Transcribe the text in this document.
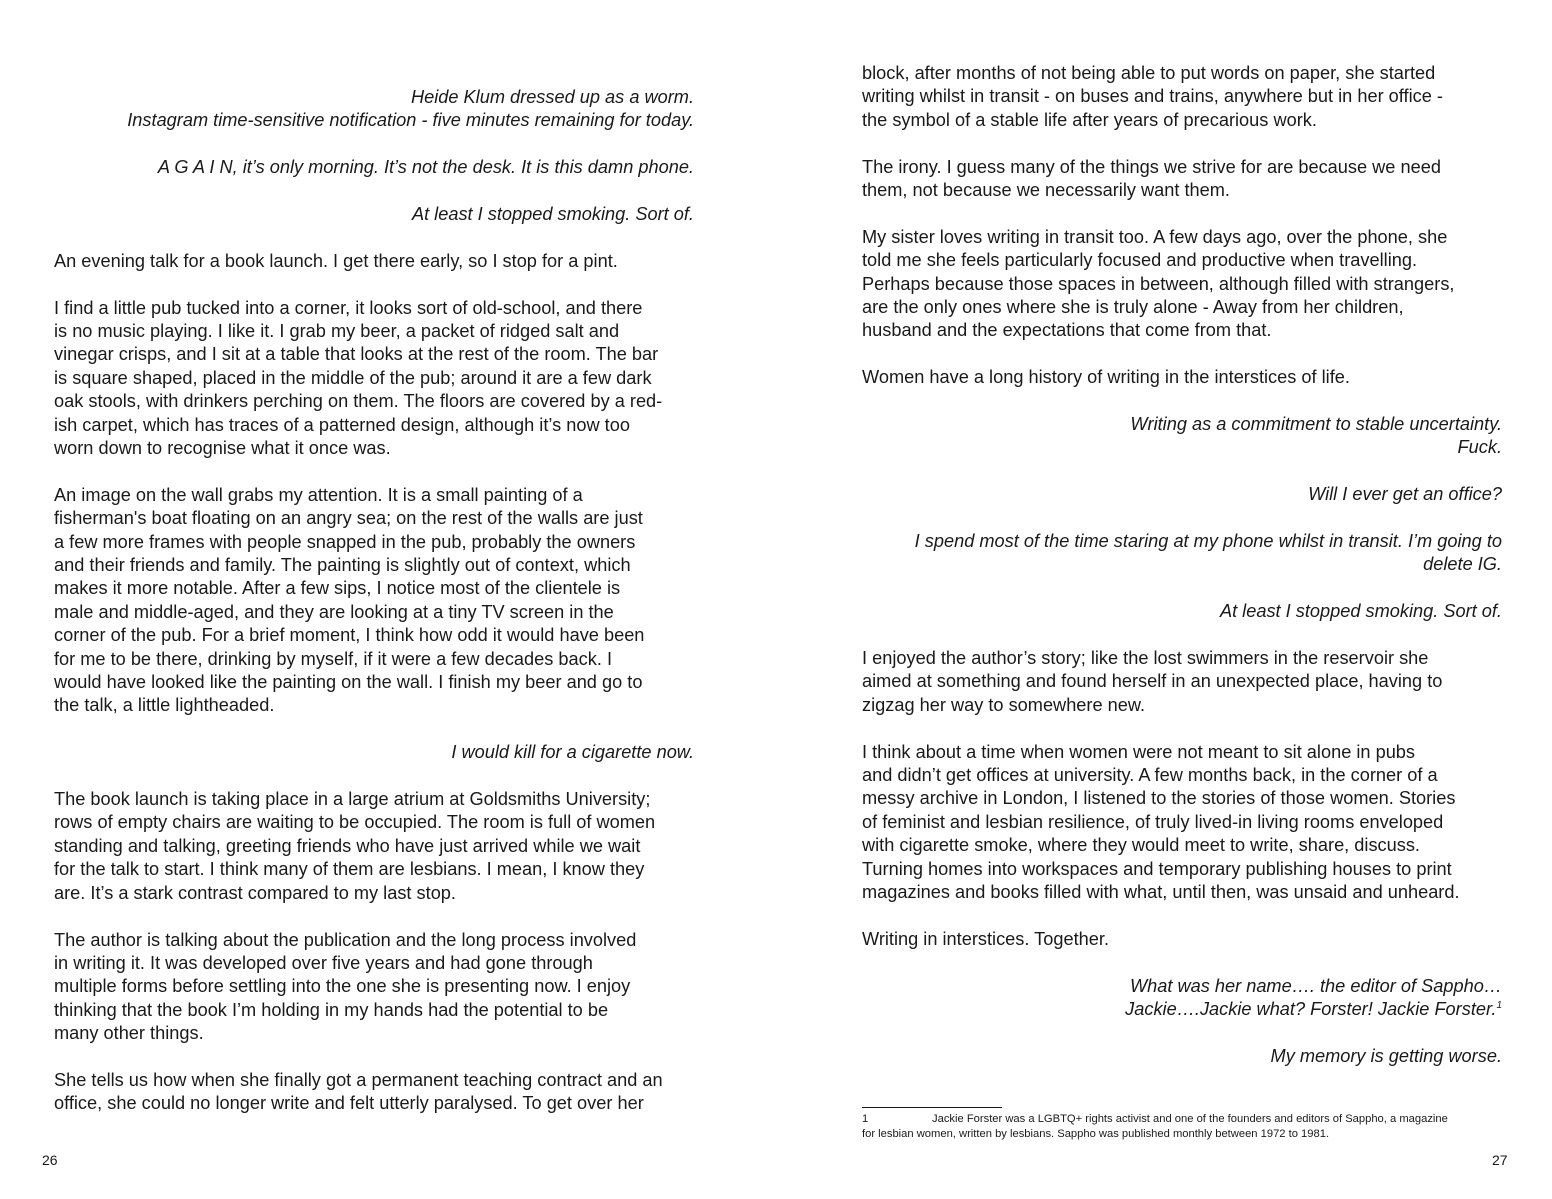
Heide Klum dressed up as a worm.
Instagram time-sensitive notification - five minutes remaining for today.
A G A I N, it’s only morning. It’s not the desk. It is this damn phone.
At least I stopped smoking. Sort of.
An evening talk for a book launch. I get there early, so I stop for a pint.
I find a little pub tucked into a corner, it looks sort of old-school, and there
is no music playing. I like it. I grab my beer, a packet of ridged salt and
vinegar crisps, and I sit at a table that looks at the rest of the room. The bar
is square shaped, placed in the middle of the pub; around it are a few dark
oak stools, with drinkers perching on them. The floors are covered by a red-
ish carpet, which has traces of a patterned design, although it’s now too
worn down to recognise what it once was.
An image on the wall grabs my attention. It is a small painting of a
fisherman's boat floating on an angry sea; on the rest of the walls are just
a few more frames with people snapped in the pub, probably the owners
and their friends and family. The painting is slightly out of context, which
makes it more notable. After a few sips, I notice most of the clientele is
male and middle-aged, and they are looking at a tiny TV screen in the
corner of the pub. For a brief moment, I think how odd it would have been
for me to be there, drinking by myself, if it were a few decades back. I
would have looked like the painting on the wall. I finish my beer and go to
the talk, a little lightheaded.
I would kill for a cigarette now.
The book launch is taking place in a large atrium at Goldsmiths University;
rows of empty chairs are waiting to be occupied. The room is full of women
standing and talking, greeting friends who have just arrived while we wait
for the talk to start. I think many of them are lesbians. I mean, I know they
are. It’s a stark contrast compared to my last stop.
The author is talking about the publication and the long process involved
in writing it. It was developed over five years and had gone through
multiple forms before settling into the one she is presenting now. I enjoy
thinking that the book I’m holding in my hands had the potential to be
many other things.
She tells us how when she finally got a permanent teaching contract and an
office, she could no longer write and felt utterly paralysed. To get over her
26
block, after months of not being able to put words on paper, she started
writing whilst in transit - on buses and trains, anywhere but in her office -
the symbol of a stable life after years of precarious work.
The irony. I guess many of the things we strive for are because we need
them, not because we necessarily want them.
My sister loves writing in transit too. A few days ago, over the phone, she
told me she feels particularly focused and productive when travelling.
Perhaps because those spaces in between, although filled with strangers,
are the only ones where she is truly alone - Away from her children,
husband and the expectations that come from that.
Women have a long history of writing in the interstices of life.
Writing as a commitment to stable uncertainty.
Fuck.
Will I ever get an office?
I spend most of the time staring at my phone whilst in transit. I’m going to
delete IG.
At least I stopped smoking. Sort of.
I enjoyed the author’s story; like the lost swimmers in the reservoir she
aimed at something and found herself in an unexpected place, having to
zigzag her way to somewhere new.
I think about a time when women were not meant to sit alone in pubs
and didn’t get offices at university. A few months back, in the corner of a
messy archive in London, I listened to the stories of those women. Stories
of feminist and lesbian resilience, of truly lived-in living rooms enveloped
with cigarette smoke, where they would meet to write, share, discuss.
Turning homes into workspaces and temporary publishing houses to print
magazines and books filled with what, until then, was unsaid and unheard.
Writing in interstices. Together.
What was her name…. the editor of Sappho…
Jackie….Jackie what? Forster! Jackie Forster.$^1$
My memory is getting worse.
1	Jackie Forster was a LGBTQ+ rights activist and one of the founders and editors of Sappho, a magazine
for lesbian women, written by lesbians. Sappho was published monthly between 1972 to 1981.
27
